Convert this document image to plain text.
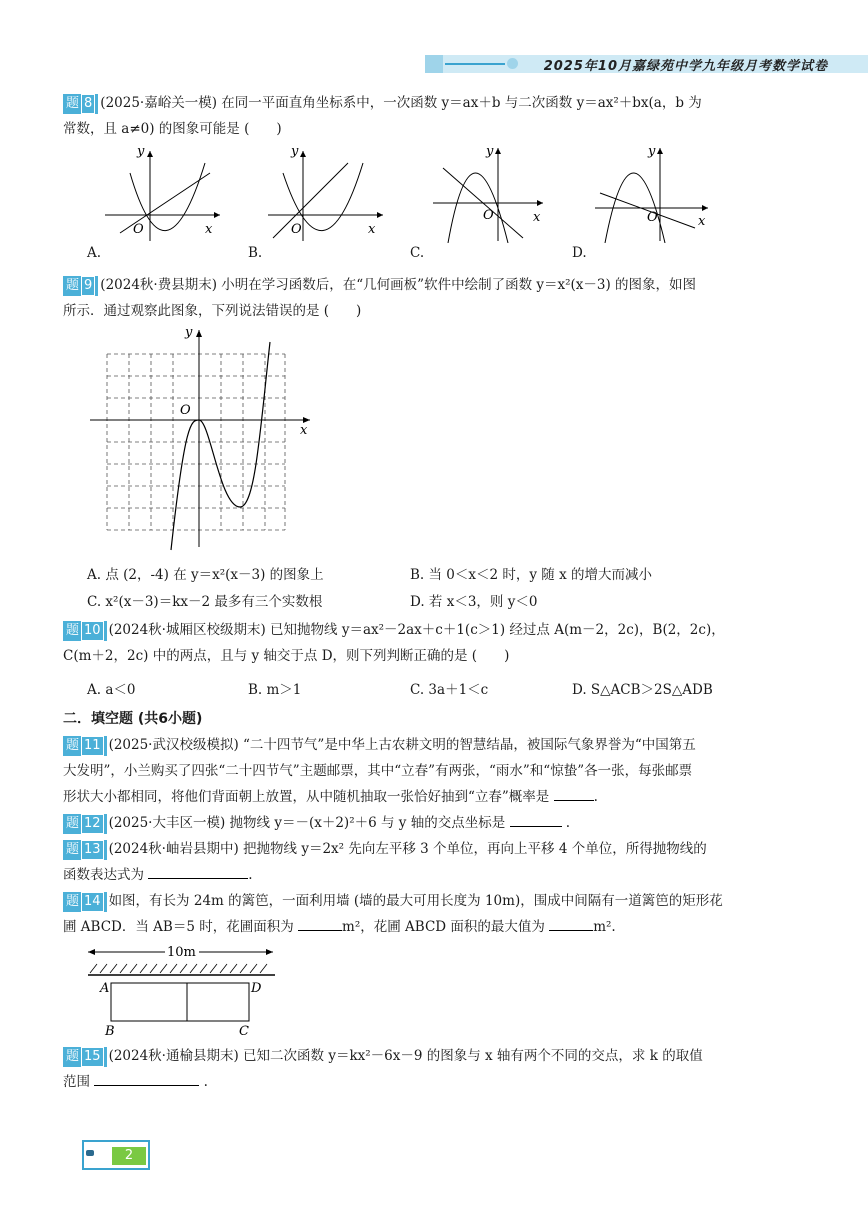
2025年10月嘉绿苑中学九年级月考数学试卷
题 8 (2025·嘉峪关一模) 在同一平面直角坐标系中，一次函数 y＝ax＋b 与二次函数 y＝ax²＋bx(a，b 为
常数，且 a≠0) 的图象可能是 (　　)
y
x
O
y
x
O
y
x
O
y
x
O
A.	B.	C.	D.
题 9 (2024秋·费县期末) 小明在学习函数后，在“几何画板”软件中绘制了函数 y＝x²(x－3) 的图象，如图
所示．通过观察此图象，下列说法错误的是 (　　)
y
x
O
A. 点 (2，-4) 在 y＝x²(x－3) 的图象上	B. 当 0＜x＜2 时，y 随 x 的增大而减小
C. x²(x－3)＝kx－2 最多有三个实数根	D. 若 x＜3，则 y＜0
题 10 (2024秋·城厢区校级期末) 已知抛物线 y＝ax²－2ax＋c＋1(c＞1) 经过点 A(m－2，2c)，B(2，2c)，
C(m＋2，2c) 中的两点，且与 y 轴交于点 D，则下列判断正确的是 (　　)
A. a＜0	B. m＞1	C. 3a＋1＜c	D. S△ACB＞2S△ADB
二．填空题 (共6小题)
题 11 (2025·武汉校级模拟) “二十四节气”是中华上古农耕文明的智慧结晶，被国际气象界誉为“中国第五
大发明”，小兰购买了四张“二十四节气”主题邮票，其中“立春”有两张，“雨水”和“惊蛰”各一张，每张邮票
形状大小都相同，将他们背面朝上放置，从中随机抽取一张恰好抽到“立春”概率是	.
题 12 (2025·大丰区一模) 抛物线 y＝－(x＋2)²＋6 与 y 轴的交点坐标是	.
题 13 (2024秋·岫岩县期中) 把抛物线 y＝2x² 先向左平移 3 个单位，再向上平移 4 个单位，所得抛物线的
函数表达式为	.
题 14 如图，有长为 24m 的篱笆，一面利用墙 (墙的最大可用长度为 10m)，围成中间隔有一道篱笆的矩形花
圃 ABCD．当 AB＝5 时，花圃面积为	m²，花圃 ABCD 面积的最大值为	m².
10m
A	D
B	C
题 15 (2024秋·通榆县期末) 已知二次函数 y＝kx²－6x－9 的图象与 x 轴有两个不同的交点，求 k 的取值
范围	.
2
